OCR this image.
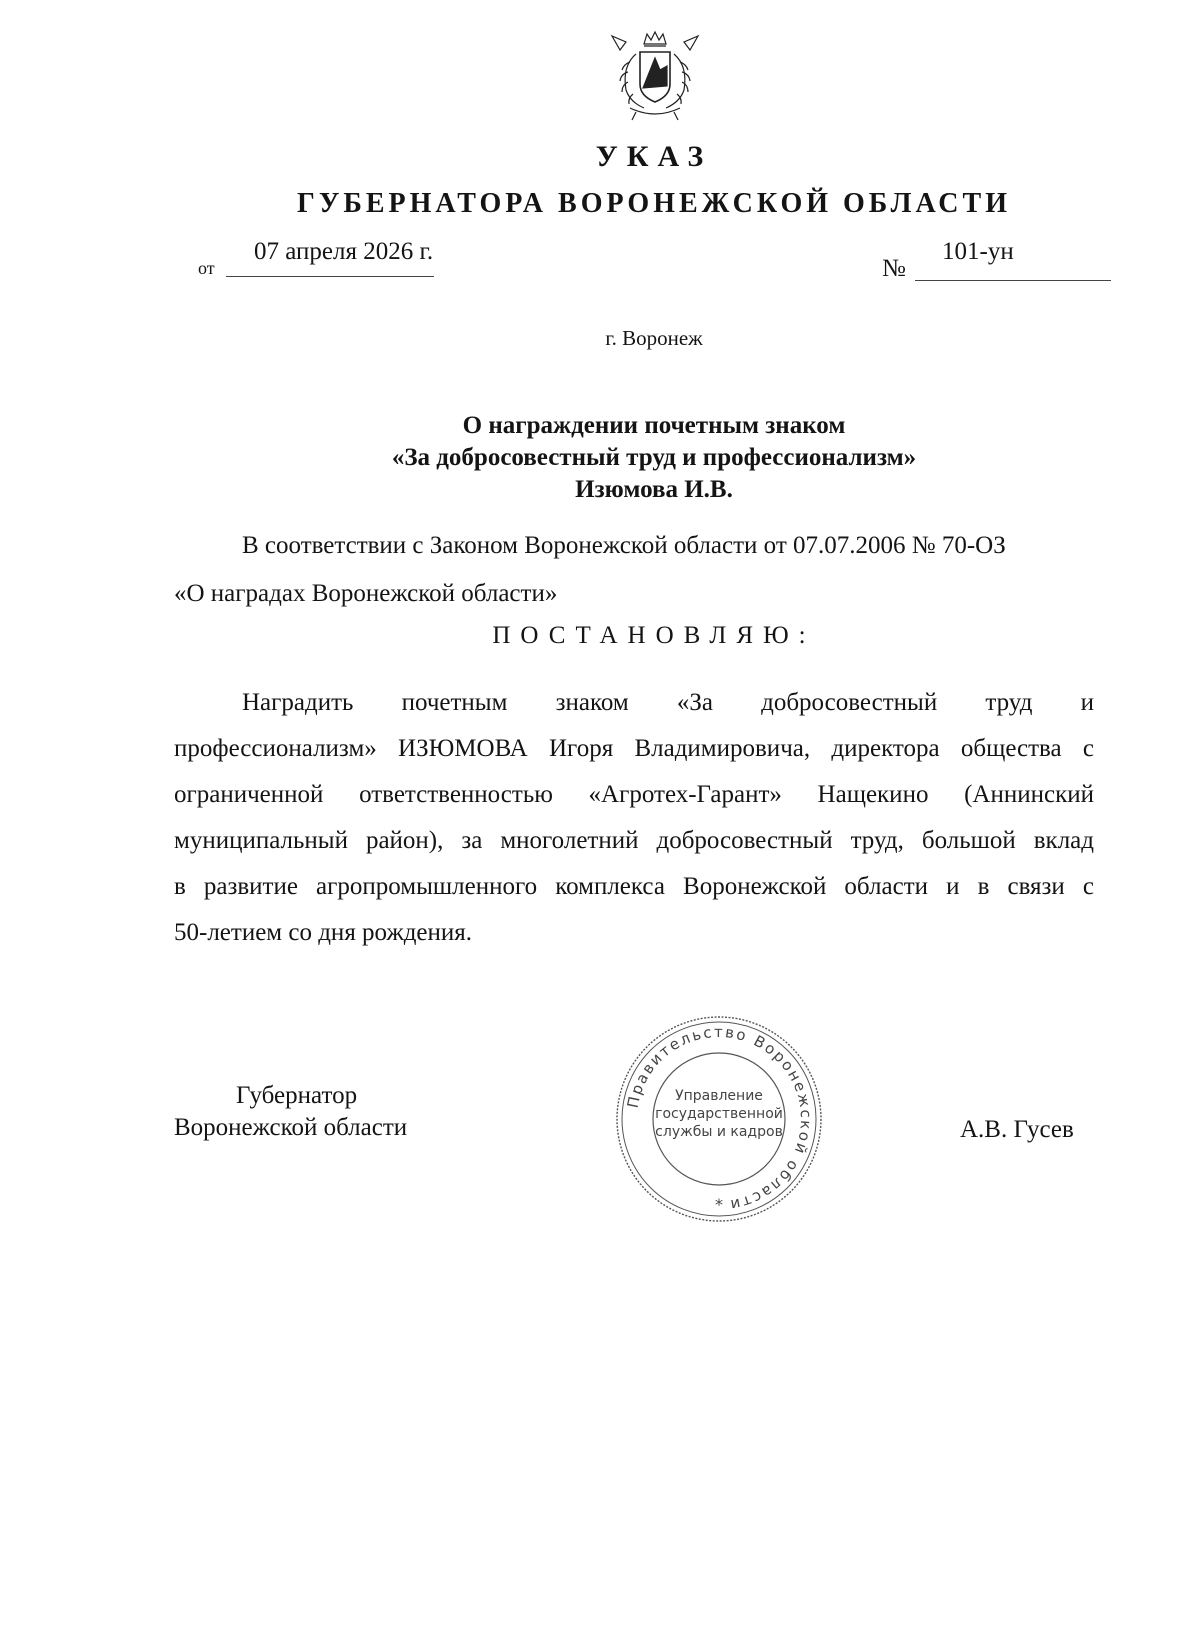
УКАЗ
ГУБЕРНАТОРА ВОРОНЕЖСКОЙ ОБЛАСТИ
от
07 апреля 2026 г.
№
101-ун
г. Воронеж
О награждении почетным знаком
«За добросовестный труд и профессионализм»
Изюмова И.В.
В соответствии с Законом Воронежской области от 07.07.2006 № 70-ОЗ
«О наградах Воронежской области»
ПОСТАНОВЛЯЮ:
Наградить почетным знаком «За добросовестный труд и
профессионализм» ИЗЮМОВА Игоря Владимировича, директора общества с
ограниченной ответственностью «Агротех-Гарант» Нащекино (Аннинский
муниципальный район), за многолетний добросовестный труд, большой вклад
в развитие агропромышленного комплекса Воронежской области и в связи с
50-летием со дня рождения.
Губернатор
Воронежской области	А.В. Гусев
Правительство Воронежской области
*
Управление
государственной
службы и кадров
